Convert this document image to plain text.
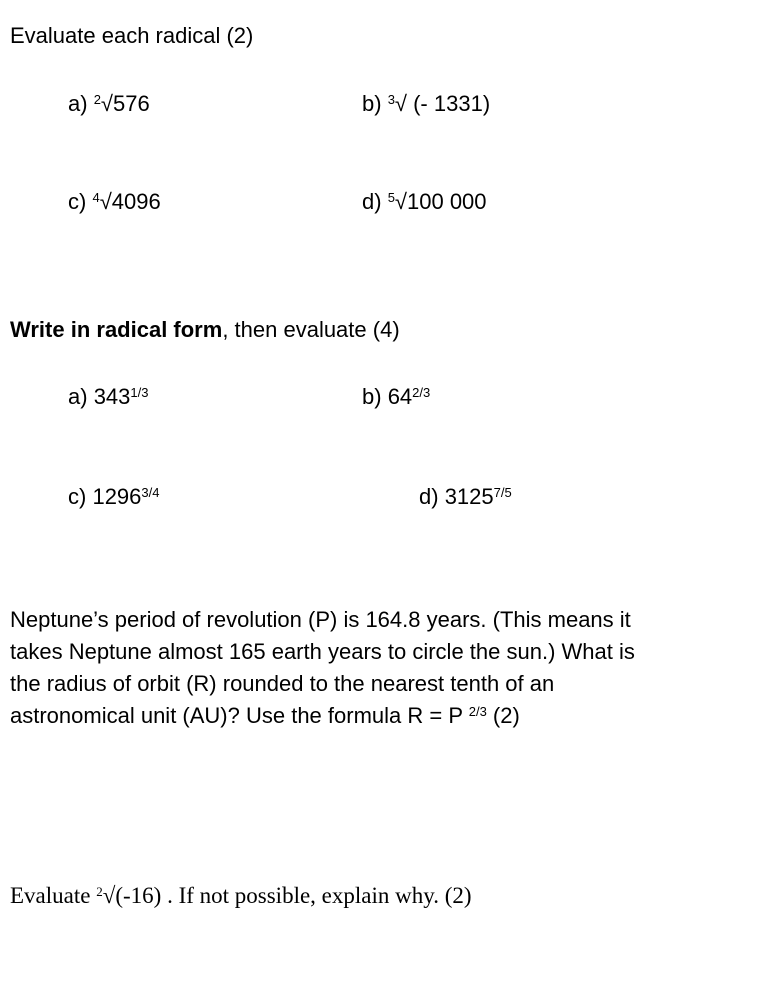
Evaluate each radical (2)
a) $^2$√576	b) $^3$√ (- 1331)
c) $^4$√4096	d) $^5$√100 000
Write in radical form, then evaluate (4)
a) $343^{1/3}$	b) $64^{2/3}$
c) $1296^{3/4}$	d) $3125^{7/5}$
Neptune’s period of revolution (P) is 164.8 years. (This means it
takes Neptune almost 165 earth years to circle the sun.) What is
the radius of orbit (R) rounded to the nearest tenth of an
astronomical unit (AU)? Use the formula R = P $^{2/3}$ (2)
Evaluate $^2$√(-16) . If not possible, explain why. (2)
